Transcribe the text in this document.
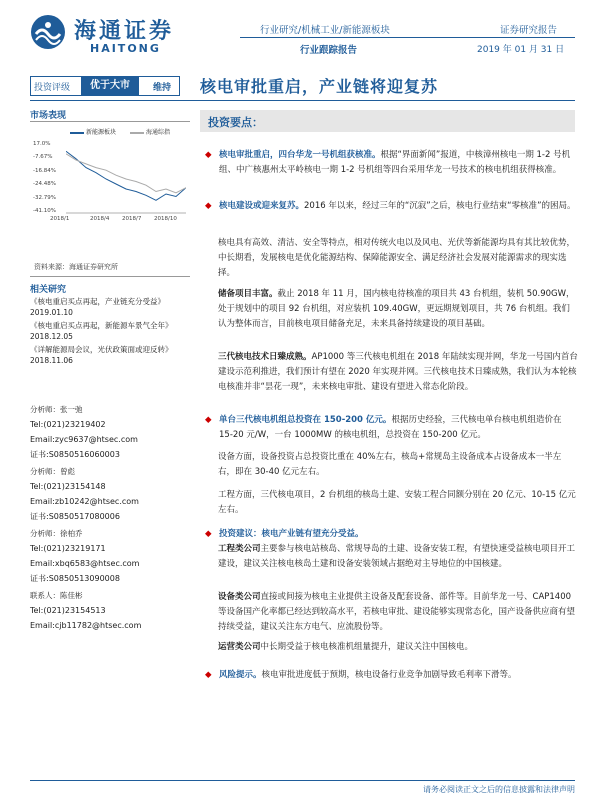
海通证券
HAITONG
行业研究/机械工业/新能源板块	证券研究报告
行业跟踪报告	2019 年 01 月 31 日
投资评级	优于大市	维持 核电审批重启，产业链将迎复苏
市场表现
新能源板块	海通综指
17.0%
-7.67%
-16.84%
-24.48%
-32.79%
-41.10%
2018/1	2018/4 2018/7 2018/10
资料来源：海通证券研究所
相关研究
《核电重启买点再起，产业链充分受益》
2019.01.10
《核电重启买点再起，新能源车景气全年》
2018.12.05
《详解能源局会议，光伏政策面或迎反转》
2018.11.06
分析师：张一弛
Tel:(021)23219402
Email:zyc9637@htsec.com
证书:S0850516060003
分析师：曾彪
Tel:(021)23154148
Email:zb10242@htsec.com
证书:S0850517080006
分析师：徐柏乔
Tel:(021)23219171
Email:xbq6583@htsec.com
证书:S0850513090008
联系人：陈佳彬
Tel:(021)23154513
Email:cjb11782@htsec.com
投资要点：
◆ 核电审批重启，四台华龙一号机组获核准。根据“界面新闻”报道，中核漳州核电一期 1-2 号机组、中广核惠州太平岭核电一期 1-2 号机组等四台采用华龙一号技术的核电机组获得核准。
◆ 核电建设或迎来复苏。2016 年以来，经过三年的“沉寂”之后，核电行业结束“零核准”的困局。
核电具有高效、清洁、安全等特点，相对传统火电以及风电、光伏等新能源均具有其比较优势，中长期看，发展核电是优化能源结构、保障能源安全、满足经济社会发展对能源需求的现实选择。
储备项目丰富。截止 2018 年 11 月，国内核电待核准的项目共 43 台机组，装机 50.90GW，处于规划中的项目 92 台机组，对应装机 109.40GW，更远期规划项目，共 76 台机组。我们认为整体而言，目前核电项目储备充足，未来具备持续建设的项目基础。
三代核电技术日臻成熟。AP1000 等三代核电机组在 2018 年陆续实现并网，华龙一号国内首台建设示范利推进，我们预计有望在 2020 年实现并网。三代核电技术日臻成熟，我们认为本轮核电核准并非“昙花一现”，未来核电审批、建设有望进入常态化阶段。
◆ 单台三代核电机组总投资在 150-200 亿元。根据历史经验，三代核电单台核电机组造价在 15-20 元/W，一台 1000MW 的核电机组，总投资在 150-200 亿元。
设备方面，设备投资占总投资比重在 40%左右，核岛+常规岛主设备成本占设备成本一半左右，即在 30-40 亿元左右。
工程方面，三代核电项目，2 台机组的核岛土建、安装工程合同额分别在 20 亿元、10-15 亿元左右。
◆ 投资建议：核电产业链有望充分受益。
工程类公司主要参与核电站核岛、常规导岛的土建、设备安装工程，有望快速受益核电项目开工建设，建议关注核电核岛土建和设备安装领域占据绝对主导地位的中国核建。
设备类公司直接或间接为核电主业提供主设备及配套设备、部件等。目前华龙一号、CAP1400 等设备国产化率都已经达到较高水平，若核电审批、建设能够实现常态化，国产设备供应商有望持续受益，建议关注东方电气、应流股份等。
运营类公司中长期受益于核电核准机组量提升，建议关注中国核电。
◆ 风险提示。核电审批进度低于预期，核电设备行业竞争加剧导致毛利率下滑等。
请务必阅读正文之后的信息披露和法律声明
